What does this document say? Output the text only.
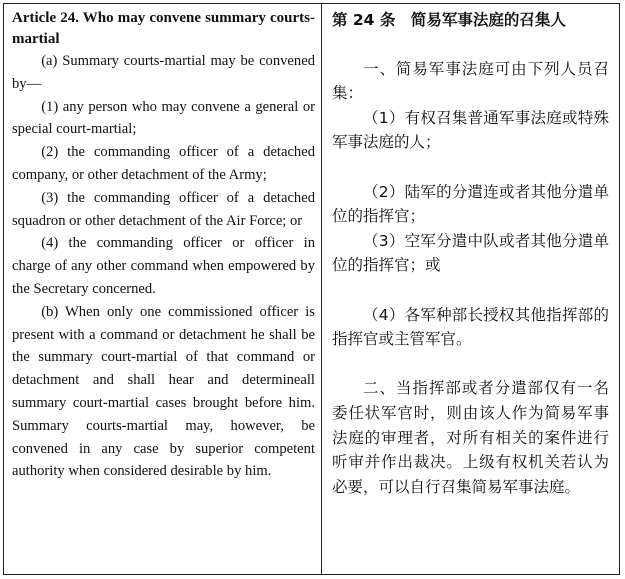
Article 24. Who may convene summary courts-martial

(a) Summary courts-martial may be convened by—

(1) any person who may convene a general or special court-martial;

(2) the commanding officer of a detached company, or other detachment of the Army;

(3) the commanding officer of a detached squadron or other detachment of the Air Force; or

(4) the commanding officer or officer in charge of any other command when empowered by the Secretary concerned.

(b) When only one commissioned officer is present with a command or detachment he shall be the summary court-martial of that command or detachment and shall hear and determineall summary court-martial cases brought before him. Summary courts-martial may, however, be convened in any case by superior competent authority when considered desirable by him.

第 24 条　简易军事法庭的召集人

一、简易军事法庭可由下列人员召集：

（1）有权召集普通军事法庭或特殊军事法庭的人；

（2）陆军的分遣连或者其他分遣单位的指挥官；

（3）空军分遣中队或者其他分遣单位的指挥官；或

（4）各军种部长授权其他指挥部的指挥官或主管军官。

二、当指挥部或者分遣部仅有一名委任状军官时，则由该人作为简易军事法庭的审理者，对所有相关的案件进行听审并作出裁决。上级有权机关若认为必要，可以自行召集简易军事法庭。
